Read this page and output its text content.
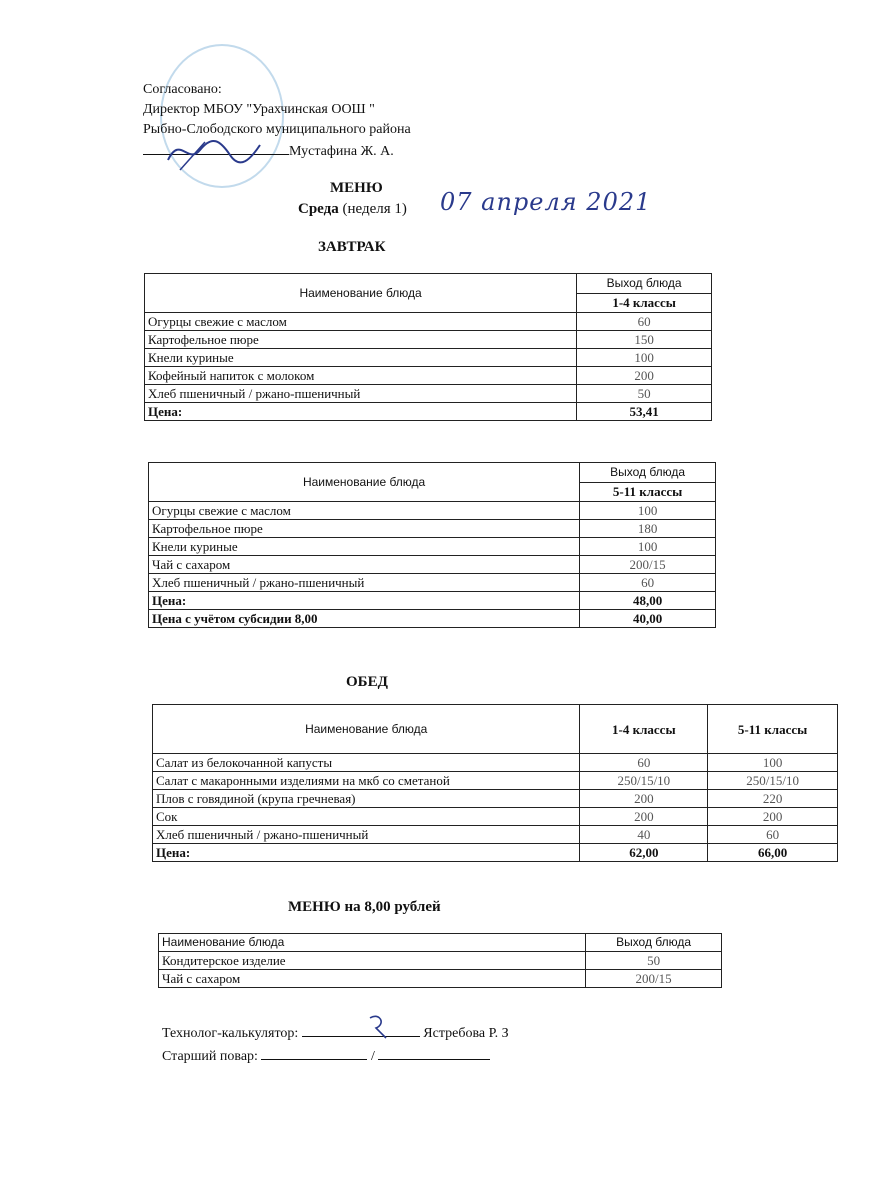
Согласовано:
Директор МБОУ "Урахчинская ООШ "
Рыбно-Слободского муниципального района
Мустафина Ж. А.
МЕНЮ
Среда (неделя 1) 07 апреля 2021
ЗАВТРАК
Наименование блюда	Выход блюда
	1-4 классы
Огурцы свежие с маслом	60
Картофельное пюре	150
Кнели куриные	100
Кофейный напиток с молоком	200
Хлеб пшеничный / ржано-пшеничный	50
Цена:	53,41
Наименование блюда	Выход блюда
	5-11 классы
Огурцы свежие с маслом	100
Картофельное пюре	180
Кнели куриные	100
Чай с сахаром	200/15
Хлеб пшеничный / ржано-пшеничный	60
Цена:	48,00
Цена с учётом субсидии 8,00	40,00
ОБЕД
Наименование блюда	1-4 классы	5-11 классы
Салат из белокочанной капусты	60	100
Салат с макаронными изделиями на мкб со сметаной	250/15/10	250/15/10
Плов с говядиной (крупа гречневая)	200	220
Сок	200	200
Хлеб пшеничный / ржано-пшеничный	40	60
Цена:	62,00	66,00
МЕНЮ на 8,00 рублей
Наименование блюда	Выход блюда
Кондитерское изделие	50
Чай с сахаром	200/15
Технолог-калькулятор:	Ястребова Р. З
Старший повар:	/
